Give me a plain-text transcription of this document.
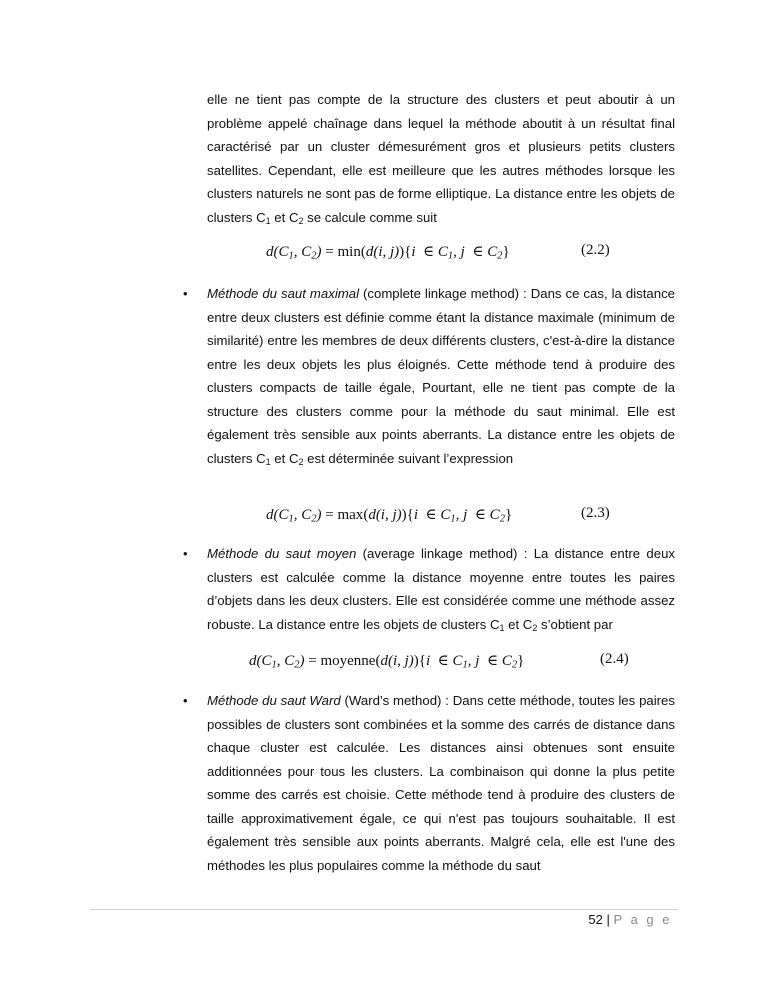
elle ne tient pas compte de la structure des clusters et peut aboutir à un problème appelé chaînage dans lequel la méthode aboutit à un résultat final caractérisé par un cluster démesurément gros et plusieurs petits clusters satellites. Cependant, elle est meilleure que les autres méthodes lorsque les clusters naturels ne sont pas de forme elliptique. La distance entre les objets de clusters C1 et C2 se calcule comme suit
$d(C_1$, $C_2) = \min(d(i$, j)){i  ∈ $C_1$, j  ∈ $C_2$}	(2.2)
• Méthode du saut maximal (complete linkage method) : Dans ce cas, la distance entre deux clusters est définie comme étant la distance maximale (minimum de similarité) entre les membres de deux différents clusters, c'est-à-dire la distance entre les deux objets les plus éloignés. Cette méthode tend à produire des clusters compacts de taille égale, Pourtant, elle ne tient pas compte de la structure des clusters comme pour la méthode du saut minimal. Elle est également très sensible aux points aberrants. La distance entre les objets de clusters C1 et C2 est déterminée suivant l’expression
$d(C_1$, $C_2) = \max(d(i$, j)){i  ∈ $C_1$, j  ∈ $C_2$}	(2.3)
• Méthode du saut moyen (average linkage method) : La distance entre deux clusters est calculée comme la distance moyenne entre toutes les paires d’objets dans les deux clusters. Elle est considérée comme une méthode assez robuste. La distance entre les objets de clusters C1 et C2 s’obtient par
$d(C_1$, $C_2$) = moyenne(d(i, j)){i  ∈ $C_1$, j  ∈ $C_2$}	(2.4)
• Méthode du saut Ward (Ward’s method) : Dans cette méthode, toutes les paires possibles de clusters sont combinées et la somme des carrés de distance dans chaque cluster est calculée. Les distances ainsi obtenues sont ensuite additionnées pour tous les clusters. La combinaison qui donne la plus petite somme des carrés est choisie. Cette méthode tend à produire des clusters de taille approximativement égale, ce qui n'est pas toujours souhaitable. Il est également très sensible aux points aberrants. Malgré cela, elle est l'une des méthodes les plus populaires comme la méthode du saut
52 | P a g e
